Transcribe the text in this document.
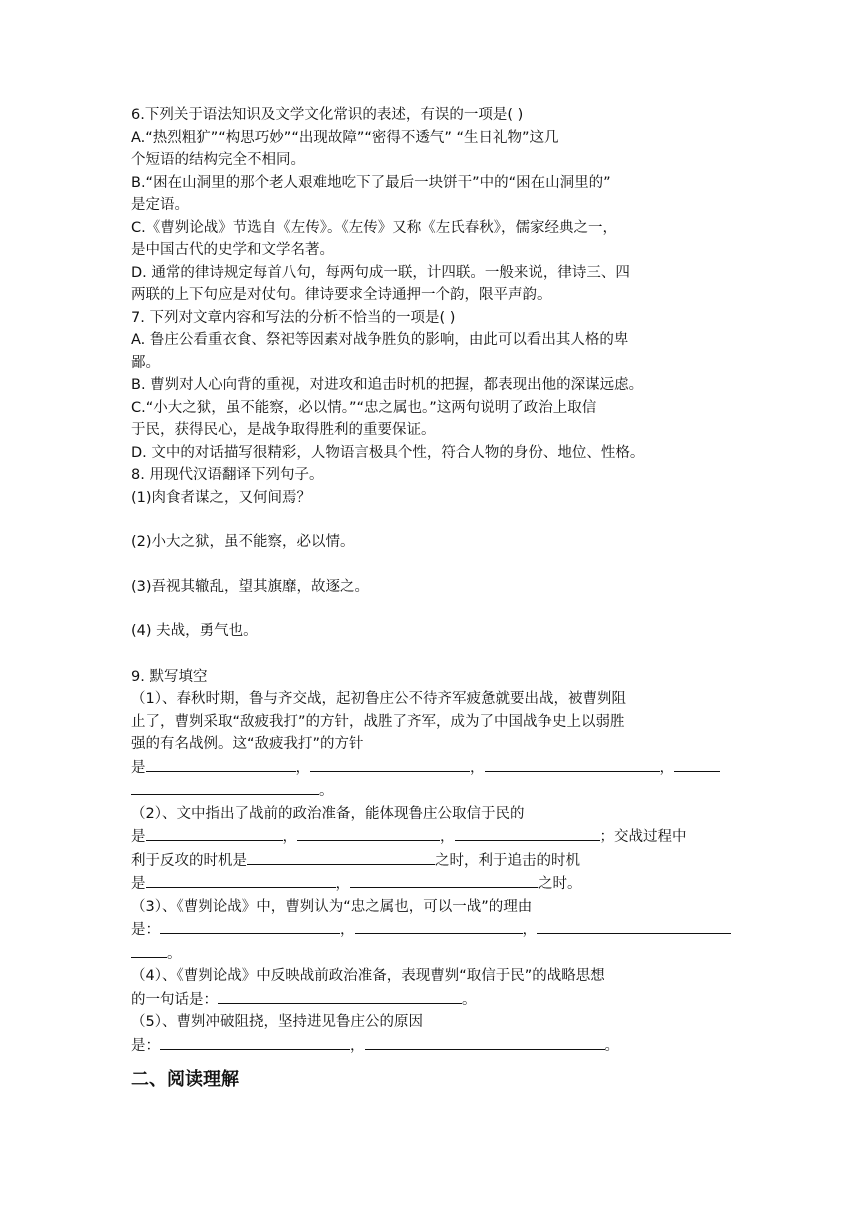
6.下列关于语法知识及文学文化常识的表述，有误的一项是( )

A.“热烈粗犷”“构思巧妙”“出现故障”“密得不透气” “生日礼物”这几

个短语的结构完全不相同。

B.“困在山洞里的那个老人艰难地吃下了最后一块饼干”中的“困在山洞里的”

是定语。

C.《曹刿论战》节选自《左传》。《左传》又称《左氏春秋》，儒家经典之一，

是中国古代的史学和文学名著。

D. 通常的律诗规定每首八句，每两句成一联，计四联。一般来说，律诗三、四

两联的上下句应是对仗句。律诗要求全诗通押一个韵，限平声韵。

7. 下列对文章内容和写法的分析不恰当的一项是( )

A. 鲁庄公看重衣食、祭祀等因素对战争胜负的影响，由此可以看出其人格的卑

鄙。

B. 曹刿对人心向背的重视，对进攻和追击时机的把握，都表现出他的深谋远虑。

C.“小大之狱，虽不能察，必以情。”“忠之属也。”这两句说明了政治上取信

于民，获得民心，是战争取得胜利的重要保证。

D. 文中的对话描写很精彩，人物语言极具个性，符合人物的身份、地位、性格。

8. 用现代汉语翻译下列句子。

(1)肉食者谋之，又何间焉？

(2)小大之狱，虽不能察，必以情。

(3)吾视其辙乱，望其旗靡，故逐之。

(4) 夫战，勇气也。

9. 默写填空

（1）、春秋时期，鲁与齐交战，起初鲁庄公不待齐军疲惫就要出战，被曹刿阻

止了，曹刿采取“敌疲我打”的方针，战胜了齐军，成为了中国战争史上以弱胜

强的有名战例。这“敌疲我打”的方针

是	，	，	，

。

（2）、文中指出了战前的政治准备，能体现鲁庄公取信于民的

是	，	，	；交战过程中

利于反攻的时机是	之时，利于追击的时机

是	，	之时。

（3）、《曹刿论战》中，曹刿认为“忠之属也，可以一战”的理由

是：	，	，

。

（4）、《曹刿论战》中反映战前政治准备，表现曹刿“取信于民”的战略思想

的一句话是：	。

（5）、曹刿冲破阻挠，坚持进见鲁庄公的原因

是：	，	。

二、阅读理解
